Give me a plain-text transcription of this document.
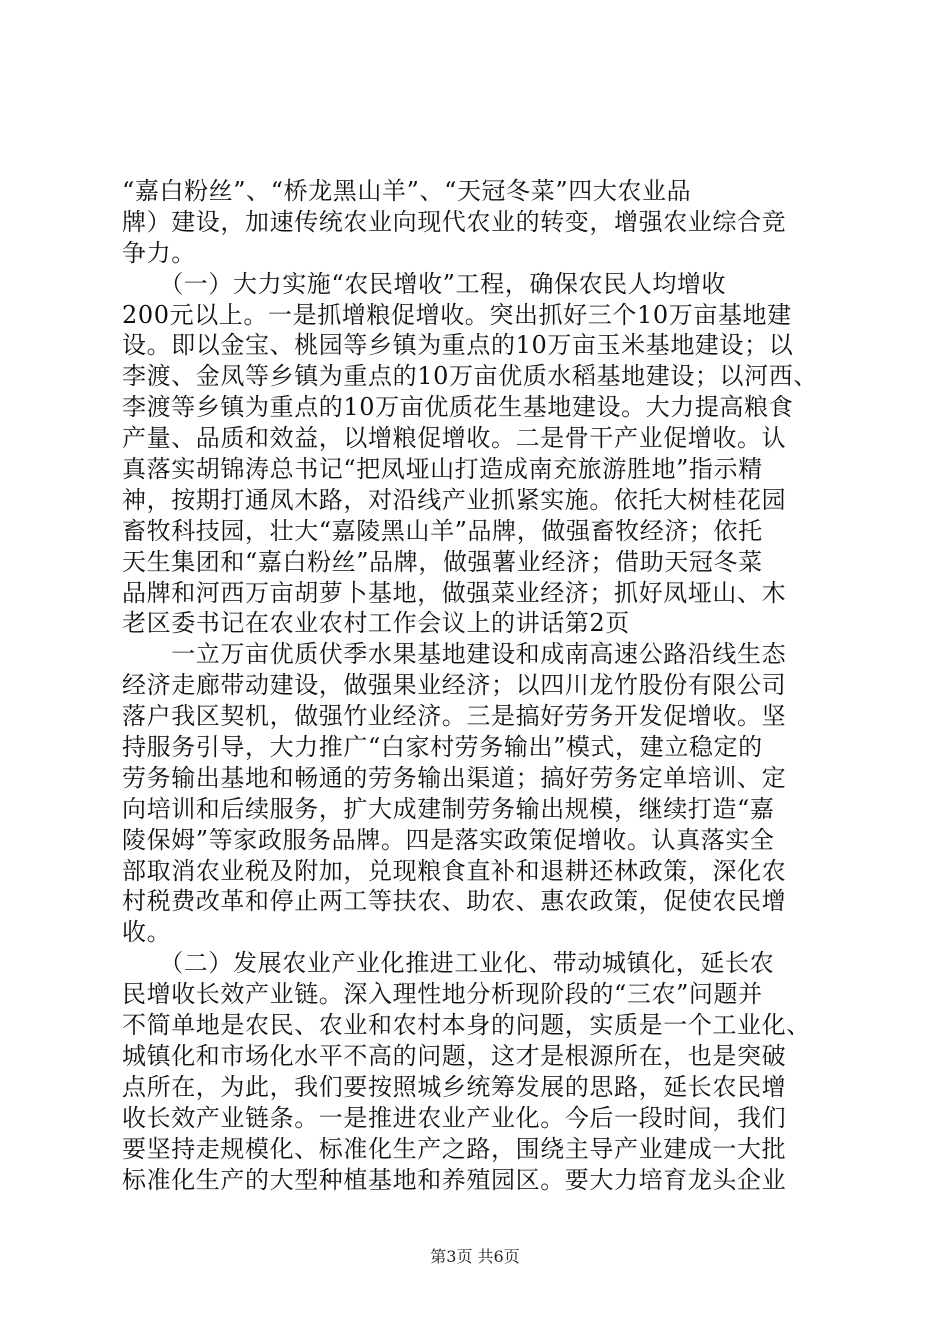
“嘉白粉丝”、“桥龙黑山羊”、“天冠冬菜”四大农业品
牌）建设，加速传统农业向现代农业的转变，增强农业综合竞
争力。
　　（一）大力实施“农民增收”工程，确保农民人均增收
200元以上。一是抓增粮促增收。突出抓好三个10万亩基地建
设。即以金宝、桃园等乡镇为重点的10万亩玉米基地建设；以
李渡、金凤等乡镇为重点的10万亩优质水稻基地建设；以河西、
李渡等乡镇为重点的10万亩优质花生基地建设。大力提高粮食
产量、品质和效益，以增粮促增收。二是骨干产业促增收。认
真落实胡锦涛总书记“把凤垭山打造成南充旅游胜地”指示精
神，按期打通凤木路，对沿线产业抓紧实施。依托大树桂花园
畜牧科技园，壮大“嘉陵黑山羊”品牌，做强畜牧经济；依托
天生集团和“嘉白粉丝”品牌，做强薯业经济；借助天冠冬菜
品牌和河西万亩胡萝卜基地，做强菜业经济；抓好凤垭山、木
老区委书记在农业农村工作会议上的讲话第2页
　　一立万亩优质伏季水果基地建设和成南高速公路沿线生态
经济走廊带动建设，做强果业经济；以四川龙竹股份有限公司
落户我区契机，做强竹业经济。三是搞好劳务开发促增收。坚
持服务引导，大力推广“白家村劳务输出”模式，建立稳定的
劳务输出基地和畅通的劳务输出渠道；搞好劳务定单培训、定
向培训和后续服务，扩大成建制劳务输出规模，继续打造“嘉
陵保姆”等家政服务品牌。四是落实政策促增收。认真落实全
部取消农业税及附加，兑现粮食直补和退耕还林政策，深化农
村税费改革和停止两工等扶农、助农、惠农政策，促使农民增
收。
　　（二）发展农业产业化推进工业化、带动城镇化，延长农
民增收长效产业链。深入理性地分析现阶段的“三农”问题并
不简单地是农民、农业和农村本身的问题，实质是一个工业化、
城镇化和市场化水平不高的问题，这才是根源所在，也是突破
点所在，为此，我们要按照城乡统筹发展的思路，延长农民增
收长效产业链条。一是推进农业产业化。今后一段时间，我们
要坚持走规模化、标准化生产之路，围绕主导产业建成一大批
标准化生产的大型种植基地和养殖园区。要大力培育龙头企业
第3页 共6页
